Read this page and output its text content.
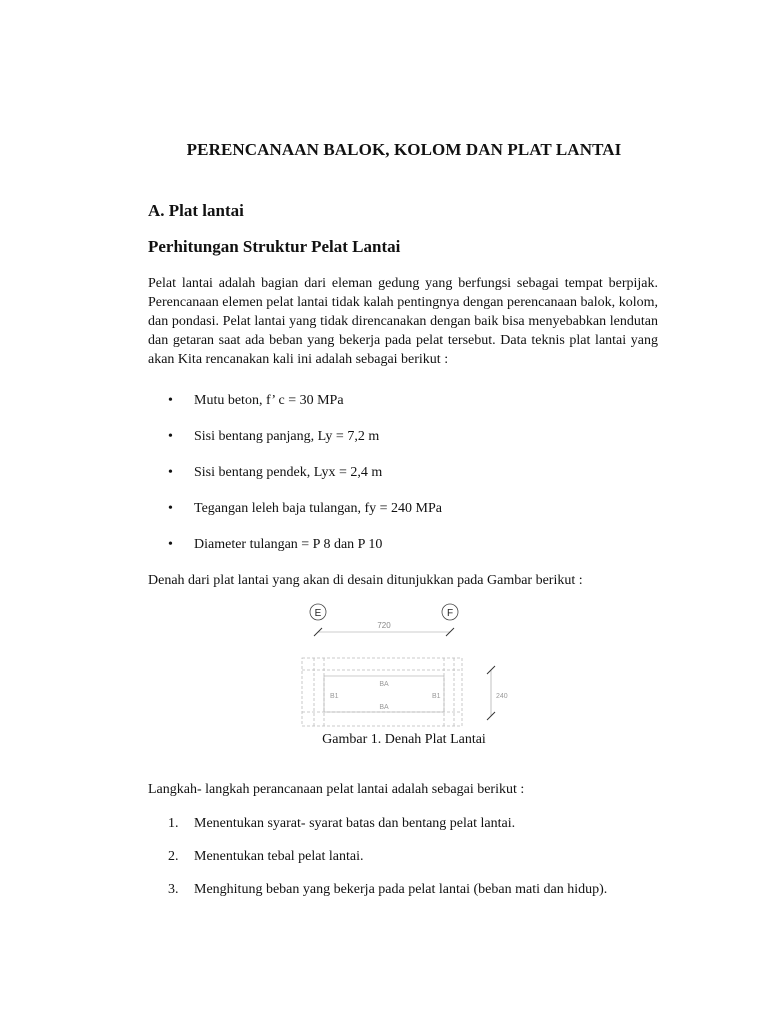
PERENCANAAN BALOK, KOLOM DAN PLAT LANTAI
A. Plat lantai
Perhitungan Struktur Pelat Lantai
Pelat lantai adalah bagian dari eleman gedung yang berfungsi sebagai tempat berpijak. Perencanaan elemen pelat lantai tidak kalah pentingnya dengan perencanaan balok, kolom, dan pondasi. Pelat lantai yang tidak direncanakan dengan baik bisa menyebabkan lendutan dan getaran saat ada beban yang bekerja pada pelat tersebut. Data teknis plat lantai yang akan Kita rencanakan kali ini adalah sebagai berikut :
• Mutu beton, f’ c = 30 MPa
• Sisi bentang panjang, Ly = 7,2 m
• Sisi bentang pendek, Lyx = 2,4 m
• Tegangan leleh baja tulangan, fy = 240 MPa
• Diameter tulangan = P 8 dan P 10
Denah dari plat lantai yang akan di desain ditunjukkan pada Gambar berikut :
E	F
720
BA
BA
B1	B1	240
Gambar 1. Denah Plat Lantai
Langkah- langkah perancanaan pelat lantai adalah sebagai berikut :
1. Menentukan syarat- syarat batas dan bentang pelat lantai.
2. Menentukan tebal pelat lantai.
3. Menghitung beban yang bekerja pada pelat lantai (beban mati dan hidup).
